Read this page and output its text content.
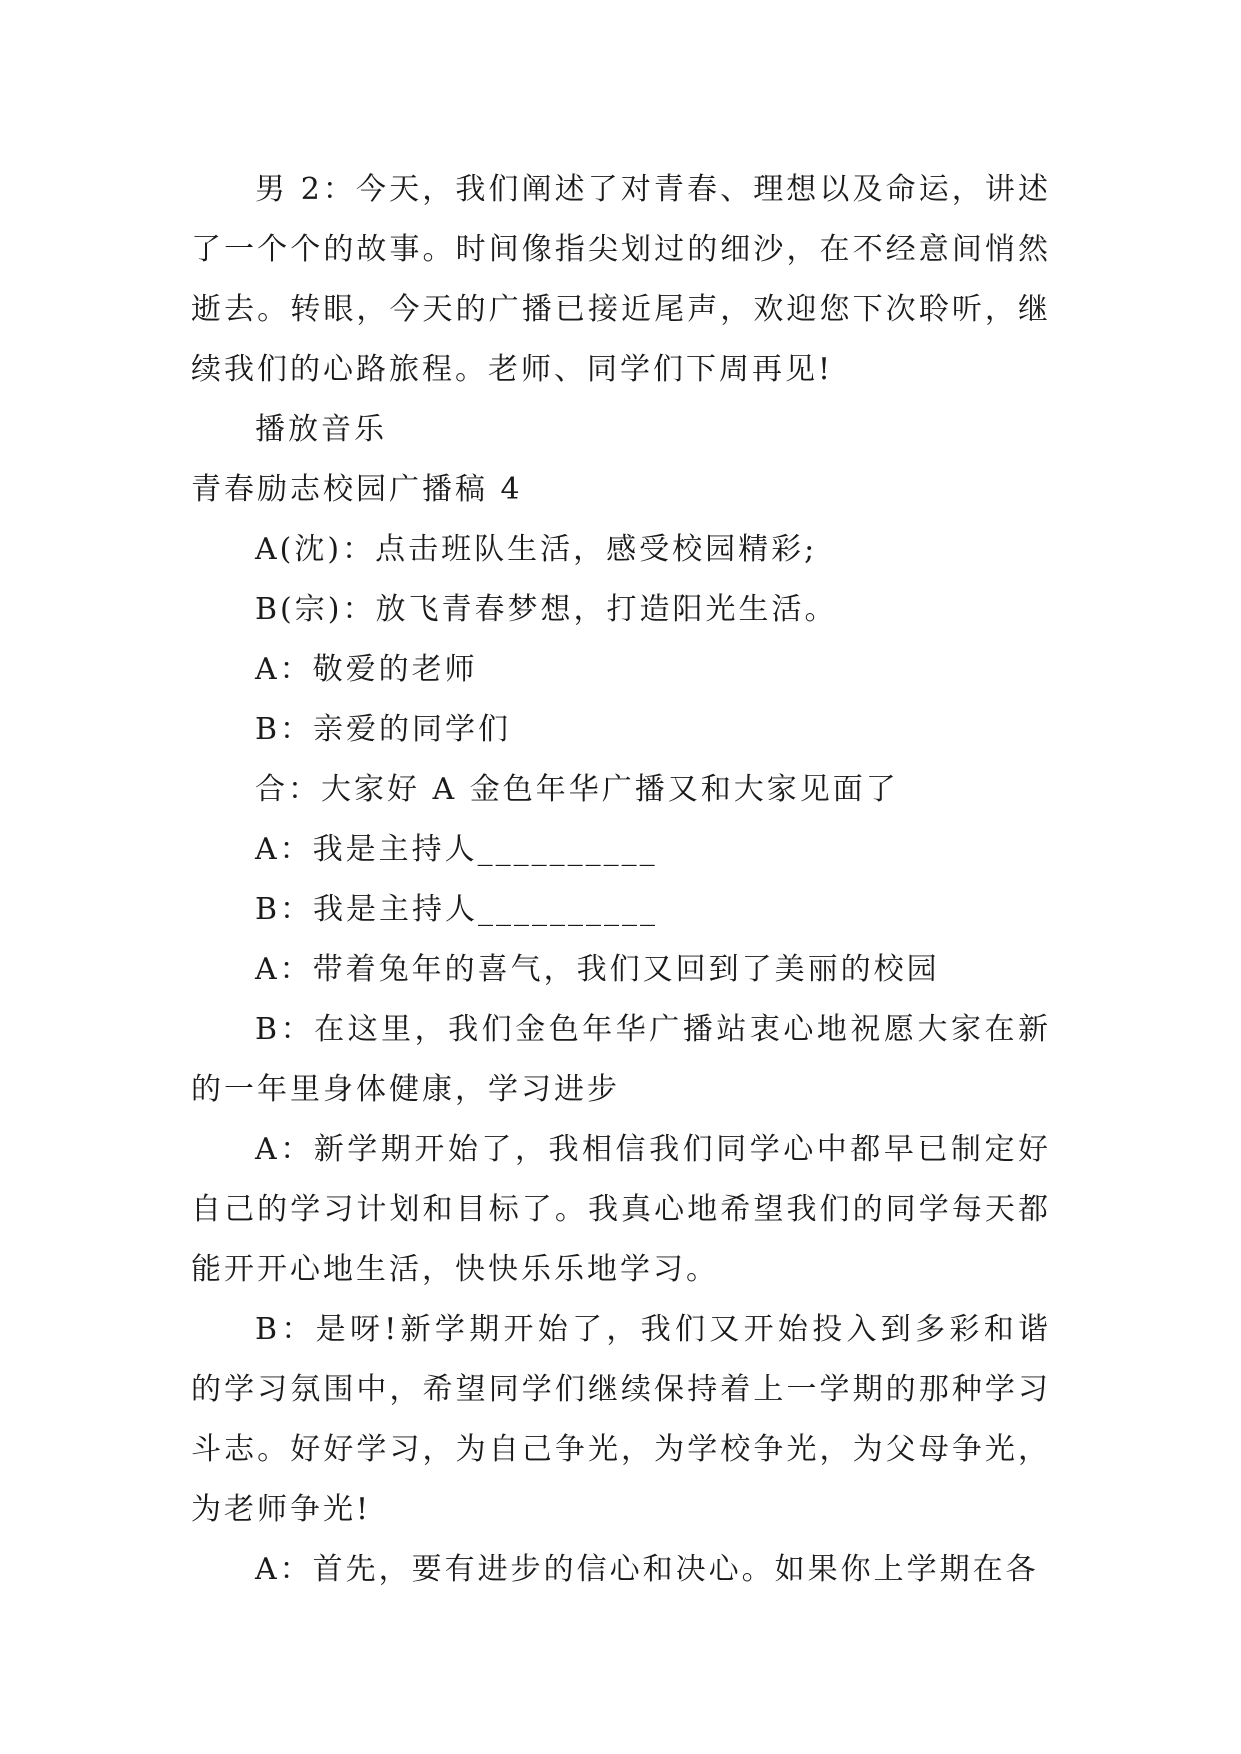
男 2：今天，我们阐述了对青春、理想以及命运，讲述了一个个的故事。时间像指尖划过的细沙，在不经意间悄然逝去。转眼，今天的广播已接近尾声，欢迎您下次聆听，继续我们的心路旅程。老师、同学们下周再见!

播放音乐

青春励志校园广播稿 4

A(沈)：点击班队生活，感受校园精彩;

B(宗)：放飞青春梦想，打造阳光生活。

A：敬爱的老师

B：亲爱的同学们

合：大家好 A 金色年华广播又和大家见面了

A：我是主持人__________

B：我是主持人__________

A：带着兔年的喜气，我们又回到了美丽的校园

B：在这里，我们金色年华广播站衷心地祝愿大家在新的一年里身体健康，学习进步

A：新学期开始了，我相信我们同学心中都早已制定好自己的学习计划和目标了。我真心地希望我们的同学每天都能开开心地生活，快快乐乐地学习。

B：是呀!新学期开始了，我们又开始投入到多彩和谐的学习氛围中，希望同学们继续保持着上一学期的那种学习斗志。好好学习，为自己争光，为学校争光，为父母争光，为老师争光!

A：首先，要有进步的信心和决心。如果你上学期在各
